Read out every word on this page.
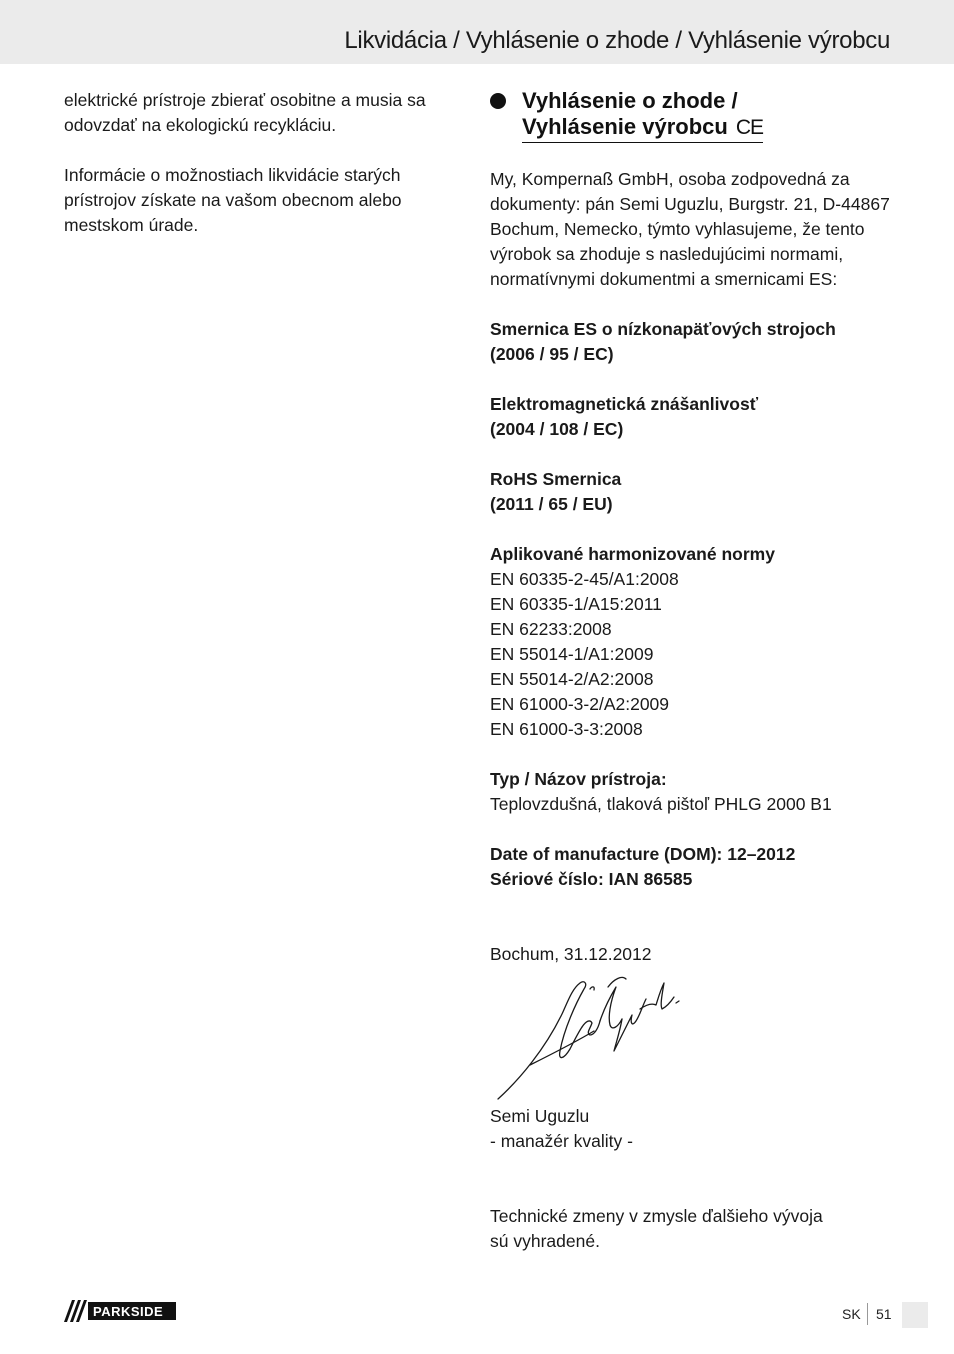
Likvidácia / Vyhlásenie o zhode / Vyhlásenie výrobcu

elektrické prístroje zbierať osobitne a musia sa odovzdať na ekologickú recykláciu.

Informácie o možnostiach likvidácie starých prístrojov získate na vašom obecnom alebo mestskom úrade.

Vyhlásenie o zhode /
Vyhlásenie výrobcu CE

My, Kompernaß GmbH, osoba zodpovedná za dokumenty: pán Semi Uguzlu, Burgstr. 21, D-44867 Bochum, Nemecko, týmto vyhlasujeme, že tento výrobok sa zhoduje s nasledujúcimi normami, normatívnymi dokumentmi a smernicami ES:

Smernica ES o nízkonapäťových strojoch
(2006 / 95 / EC)
Elektromagnetická znášanlivosť
(2004 / 108 / EC)
RoHS Smernica
(2011 / 65 / EU)
Aplikované harmonizované normy
EN 60335-2-45/A1:2008
EN 60335-1/A15:2011
EN 62233:2008
EN 55014-1/A1:2009
EN 55014-2/A2:2008
EN 61000-3-2/A2:2009
EN 61000-3-3:2008
Typ / Názov prístroja:
Teplovzdušná, tlaková pištoľ PHLG 2000 B1
Date of manufacture (DOM): 12–2012
Sériové číslo: IAN 86585
Bochum, 31.12.2012
Semi Uguzlu
- manažér kvality -
Technické zmeny v zmysle ďalšieho vývoja
sú vyhradené.
PARKSIDE	SK 51
